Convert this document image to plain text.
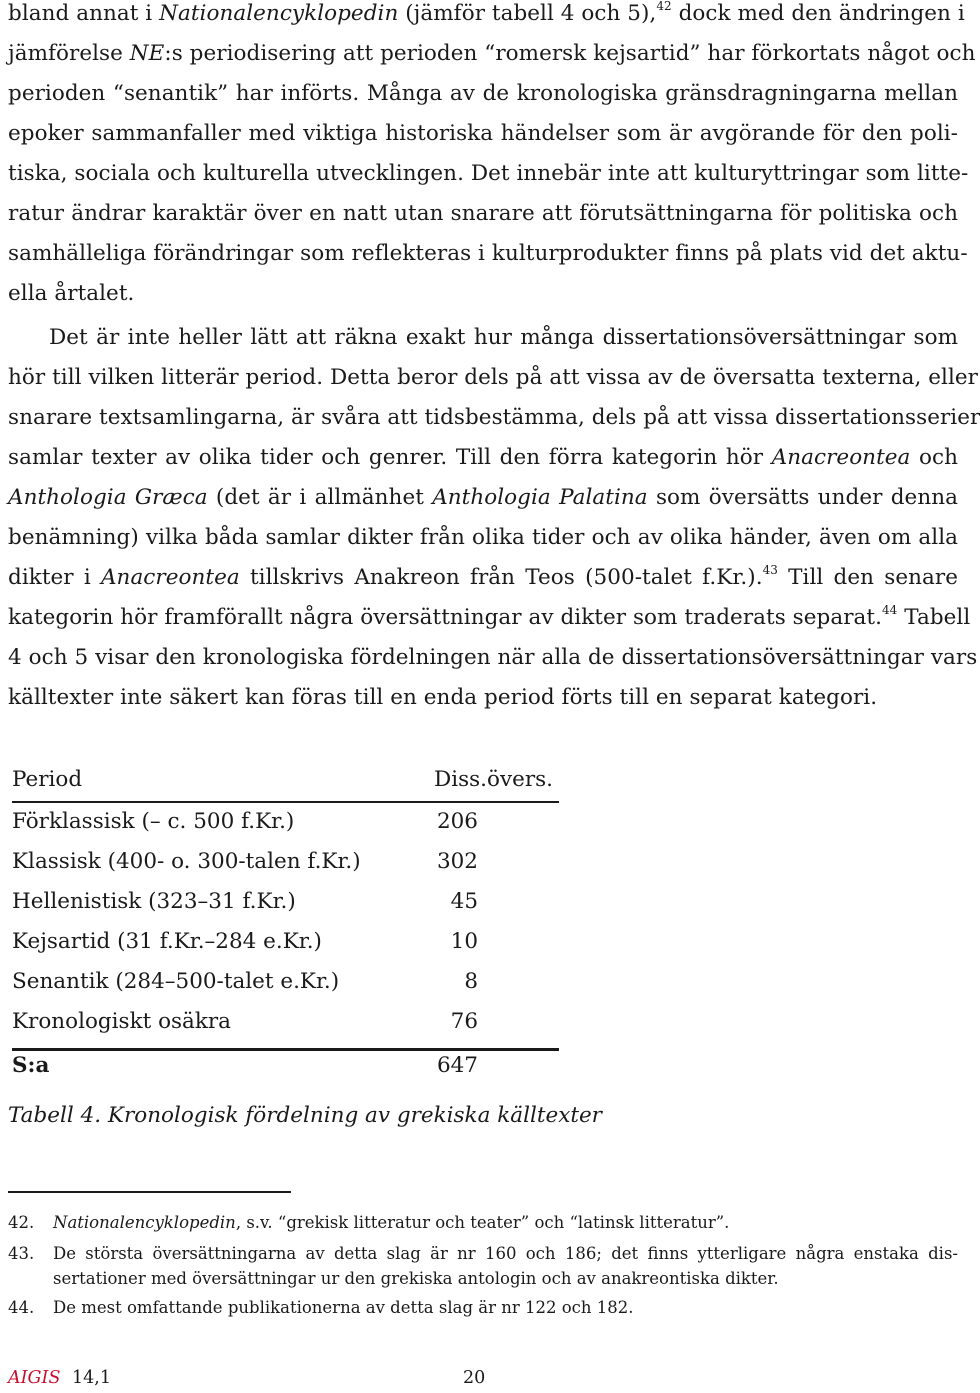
bland annat i Nationalencyklopedin (jämför tabell 4 och 5),$^{42}$ dock med den ändringen i
jämförelse NE:s periodisering att perioden “romersk kejsartid” har förkortats något och
perioden “senantik” har införts. Många av de kronologiska gränsdragningarna mellan
epoker sammanfaller med viktiga historiska händelser som är avgörande för den poli-
tiska, sociala och kulturella utvecklingen. Det innebär inte att kulturyttringar som litte-
ratur ändrar karaktär över en natt utan snarare att förutsättningarna för politiska och
samhälleliga förändringar som reflekteras i kulturprodukter finns på plats vid det aktu-
ella årtalet.
Det är inte heller lätt att räkna exakt hur många dissertationsöversättningar som
hör till vilken litterär period. Detta beror dels på att vissa av de översatta texterna, eller
snarare textsamlingarna, är svåra att tidsbestämma, dels på att vissa dissertationsserier
samlar texter av olika tider och genrer. Till den förra kategorin hör Anacreontea och
Anthologia Græca (det är i allmänhet Anthologia Palatina som översätts under denna
benämning) vilka båda samlar dikter från olika tider och av olika händer, även om alla
dikter i Anacreontea tillskrivs Anakreon från Teos (500-talet f.Kr.).$^{43}$ Till den senare
kategorin hör framförallt några översättningar av dikter som traderats separat.$^{44}$ Tabell
4 och 5 visar den kronologiska fördelningen när alla de dissertationsöversättningar vars
källtexter inte säkert kan föras till en enda period förts till en separat kategori.
Period	Diss.övers.
Förklassisk (– c. 500 f.Kr.)	206
Klassisk (400- o. 300-talen f.Kr.)	302
Hellenistisk (323–31 f.Kr.)	45
Kejsartid (31 f.Kr.–284 e.Kr.)	10
Senantik (284–500-talet e.Kr.)	8
Kronologiskt osäkra	76
S:a	647
Tabell 4. Kronologisk fördelning av grekiska källtexter
42. Nationalencyklopedin, s.v. “grekisk litteratur och teater” och “latinsk litteratur”.
43. De största översättningarna av detta slag är nr 160 och 186; det finns ytterligare några enstaka dis-
sertationer med översättningar ur den grekiska antologin och av anakreontiska dikter.
44. De mest omfattande publikationerna av detta slag är nr 122 och 182.
AIGIS 14,1	20
